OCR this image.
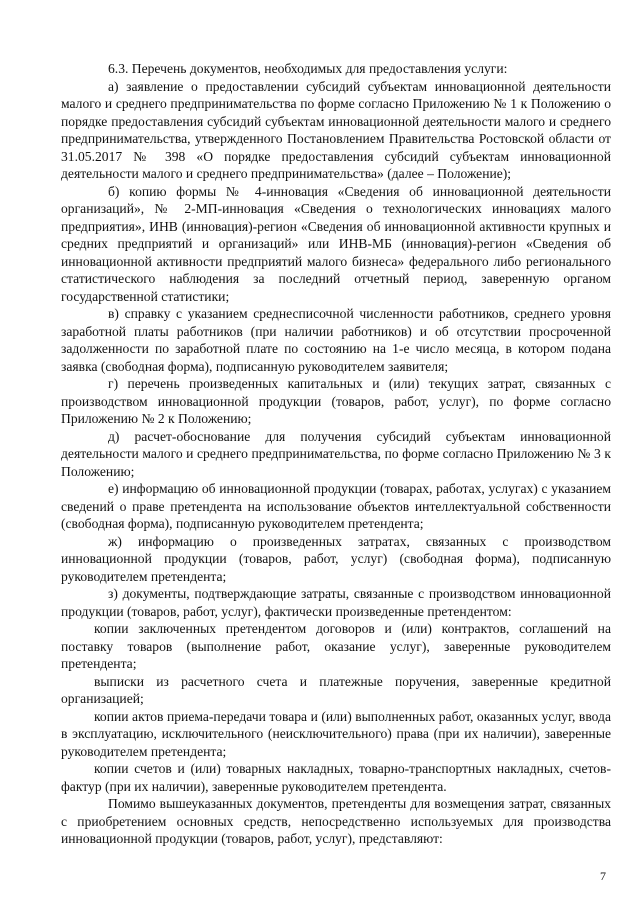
6.3. Перечень документов, необходимых для предоставления услуги:

а) заявление о предоставлении субсидий субъектам инновационной деятельности малого и среднего предпринимательства по форме согласно Приложению № 1 к Положению о порядке предоставления субсидий субъектам инновационной деятельности малого и среднего предпринимательства, утвержденного Постановлением Правительства Ростовской области от 31.05.2017 № 398 «О порядке предоставления субсидий субъектам инновационной деятельности малого и среднего предпринимательства» (далее – Положение);

б) копию формы № 4-инновация «Сведения об инновационной деятельности организаций», № 2-МП-инновация «Сведения о технологических инновациях малого предприятия», ИНВ (инновация)-регион «Сведения об инновационной активности крупных и средних предприятий и организаций» или ИНВ-МБ (инновация)-регион «Сведения об инновационной активности предприятий малого бизнеса» федерального либо регионального статистического наблюдения за последний отчетный период, заверенную органом государственной статистики;

в) справку с указанием среднесписочной численности работников, среднего уровня заработной платы работников (при наличии работников) и об отсутствии просроченной задолженности по заработной плате по состоянию на 1-е число месяца, в котором подана заявка (свободная форма), подписанную руководителем заявителя;

г) перечень произведенных капитальных и (или) текущих затрат, связанных с производством инновационной продукции (товаров, работ, услуг), по форме согласно Приложению № 2 к Положению;

д) расчет-обоснование для получения субсидий субъектам инновационной деятельности малого и среднего предпринимательства, по форме согласно Приложению № 3 к Положению;

е) информацию об инновационной продукции (товарах, работах, услугах) с указанием сведений о праве претендента на использование объектов интеллектуальной собственности (свободная форма), подписанную руководителем претендента;

ж) информацию о произведенных затратах, связанных с производством инновационной продукции (товаров, работ, услуг) (свободная форма), подписанную руководителем претендента;

з) документы, подтверждающие затраты, связанные с производством инновационной продукции (товаров, работ, услуг), фактически произведенные претендентом:

копии заключенных претендентом договоров и (или) контрактов, соглашений на поставку товаров (выполнение работ, оказание услуг), заверенные руководителем претендента;

выписки из расчетного счета и платежные поручения, заверенные кредитной организацией;

копии актов приема-передачи товара и (или) выполненных работ, оказанных услуг, ввода в эксплуатацию, исключительного (неисключительного) права (при их наличии), заверенные руководителем претендента;

копии счетов и (или) товарных накладных, товарно-транспортных накладных, счетов-фактур (при их наличии), заверенные руководителем претендента.

Помимо вышеуказанных документов, претенденты для возмещения затрат, связанных с приобретением основных средств, непосредственно используемых для производства инновационной продукции (товаров, работ, услуг), представляют:

7
